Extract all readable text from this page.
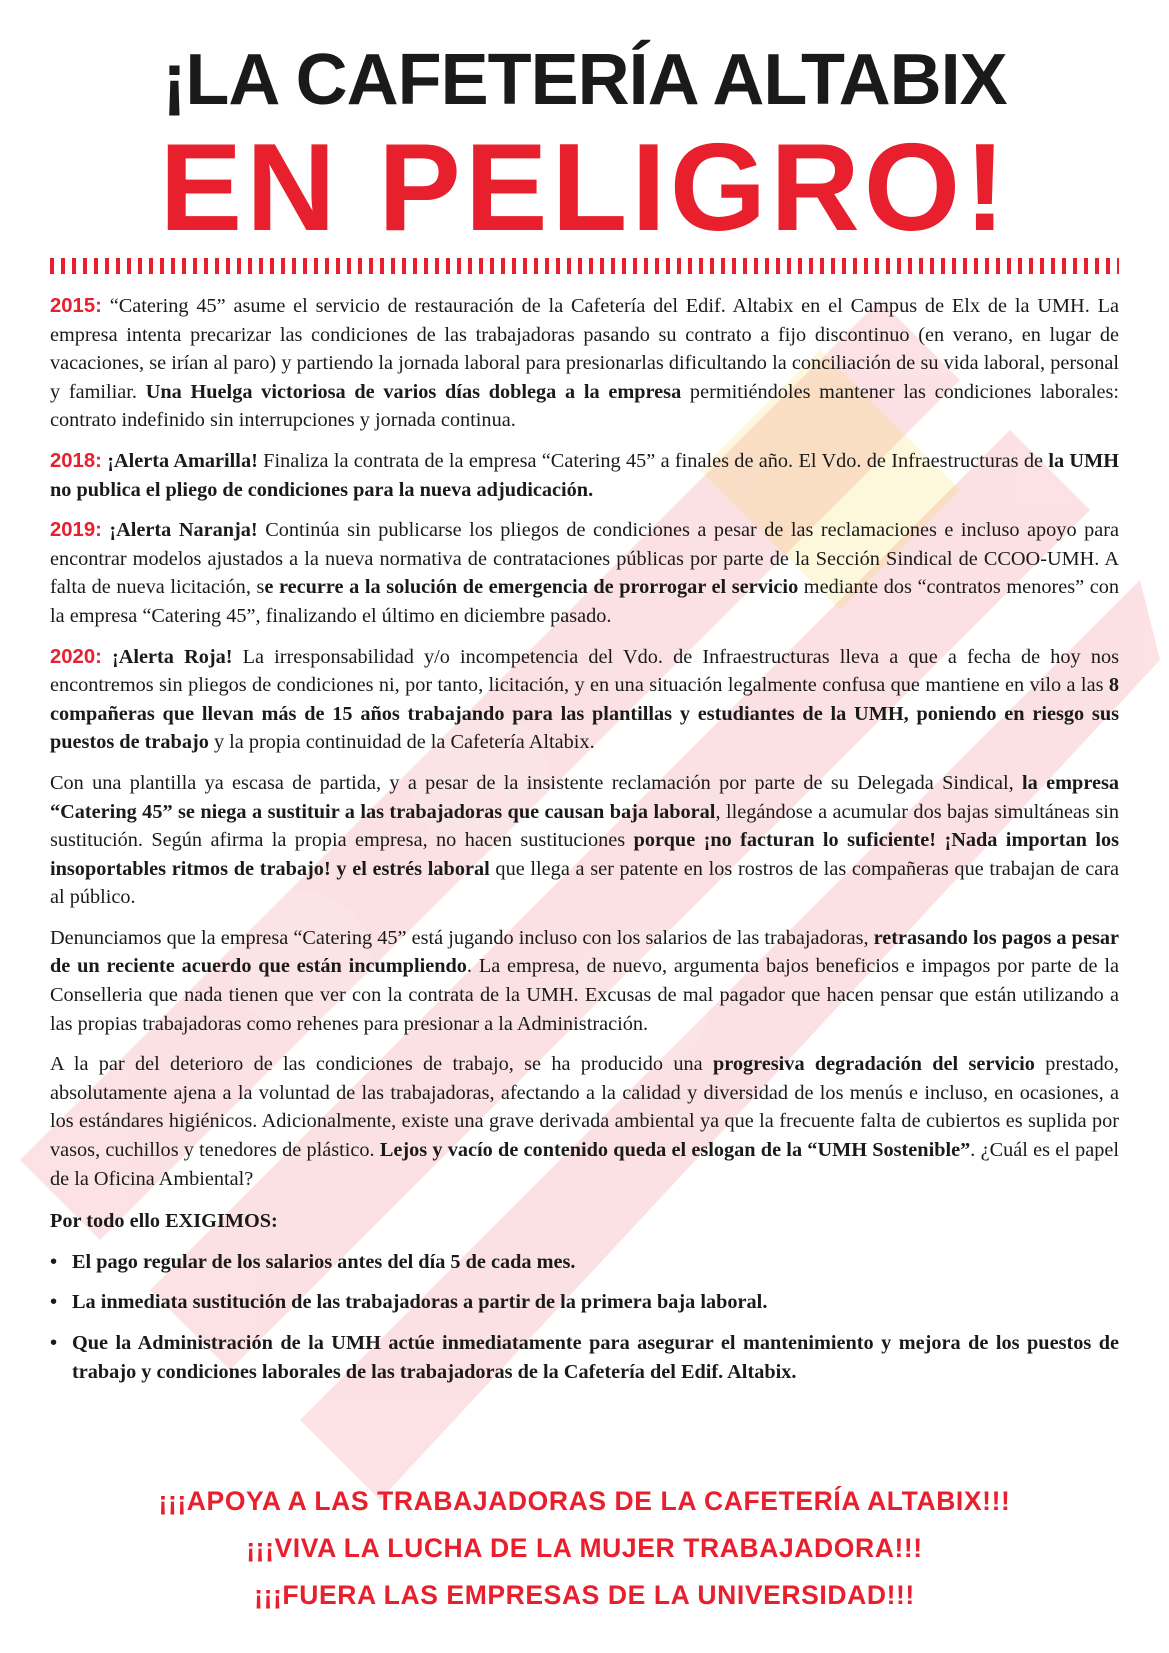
¡LA CAFETERÍA ALTABIX
EN PELIGRO!

2015: “Catering 45” asume el servicio de restauración de la Cafetería del Edif. Altabix en el Campus de Elx de la UMH. La empresa intenta precarizar las condiciones de las trabajadoras pasando su contrato a fijo discontinuo (en verano, en lugar de vacaciones, se irían al paro) y partiendo la jornada laboral para presionarlas dificultando la conciliación de su vida laboral, personal y familiar. Una Huelga victoriosa de varios días doblega a la empresa permitiéndoles mantener las condiciones laborales: contrato indefinido sin interrupciones y jornada continua.

2018: ¡Alerta Amarilla! Finaliza la contrata de la empresa “Catering 45” a finales de año. El Vdo. de Infraestructuras de la UMH no publica el pliego de condiciones para la nueva adjudicación.

2019: ¡Alerta Naranja! Continúa sin publicarse los pliegos de condiciones a pesar de las reclamaciones e incluso apoyo para encontrar modelos ajustados a la nueva normativa de contrataciones públicas por parte de la Sección Sindical de CCOO-UMH. A falta de nueva licitación, se recurre a la solución de emergencia de prorrogar el servicio mediante dos “contratos menores” con la empresa “Catering 45”, finalizando el último en diciembre pasado.

2020: ¡Alerta Roja! La irresponsabilidad y/o incompetencia del Vdo. de Infraestructuras lleva a que a fecha de hoy nos encontremos sin pliegos de condiciones ni, por tanto, licitación, y en una situación legalmente confusa que mantiene en vilo a las 8 compañeras que llevan más de 15 años trabajando para las plantillas y estudiantes de la UMH, poniendo en riesgo sus puestos de trabajo y la propia continuidad de la Cafetería Altabix.

Con una plantilla ya escasa de partida, y a pesar de la insistente reclamación por parte de su Delegada Sindical, la empresa “Catering 45” se niega a sustituir a las trabajadoras que causan baja laboral, llegándose a acumular dos bajas simultáneas sin sustitución. Según afirma la propia empresa, no hacen sustituciones porque ¡no facturan lo suficiente! ¡Nada importan los insoportables ritmos de trabajo! y el estrés laboral que llega a ser patente en los rostros de las compañeras que trabajan de cara al público.

Denunciamos que la empresa “Catering 45” está jugando incluso con los salarios de las trabajadoras, retrasando los pagos a pesar de un reciente acuerdo que están incumpliendo. La empresa, de nuevo, argumenta bajos beneficios e impagos por parte de la Conselleria que nada tienen que ver con la contrata de la UMH. Excusas de mal pagador que hacen pensar que están utilizando a las propias trabajadoras como rehenes para presionar a la Administración.

A la par del deterioro de las condiciones de trabajo, se ha producido una progresiva degradación del servicio prestado, absolutamente ajena a la voluntad de las trabajadoras, afectando a la calidad y diversidad de los menús e incluso, en ocasiones, a los estándares higiénicos. Adicionalmente, existe una grave derivada ambiental ya que la frecuente falta de cubiertos es suplida por vasos, cuchillos y tenedores de plástico. Lejos y vacío de contenido queda el eslogan de la “UMH Sostenible”. ¿Cuál es el papel de la Oficina Ambiental?

Por todo ello EXIGIMOS:

• El pago regular de los salarios antes del día 5 de cada mes.
• La inmediata sustitución de las trabajadoras a partir de la primera baja laboral.
• Que la Administración de la UMH actúe inmediatamente para asegurar el mantenimiento y mejora de los puestos de trabajo y condiciones laborales de las trabajadoras de la Cafetería del Edif. Altabix.
¡¡¡APOYA A LAS TRABAJADORAS DE LA CAFETERÍA ALTABIX!!!
¡¡¡VIVA LA LUCHA DE LA MUJER TRABAJADORA!!!
¡¡¡FUERA LAS EMPRESAS DE LA UNIVERSIDAD!!!
